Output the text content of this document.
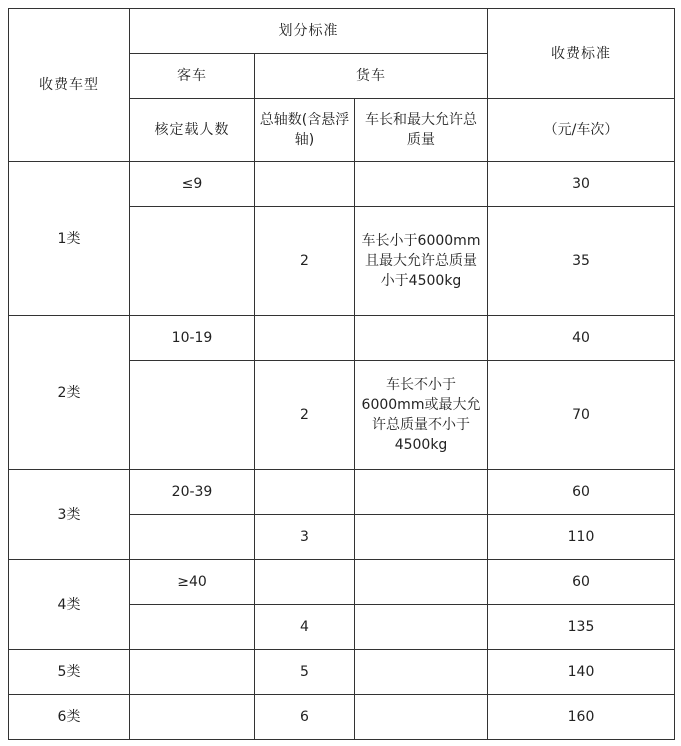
收费车型	划分标准			收费标准
	客车	货车		
	核定载人数	总轴数(含悬浮轴)	车长和最大允许总质量	（元/车次）
1类	≤9			30
		2	车长小于6000mm且最大允许总质量小于4500kg	35
2类	10-19			40
		2	车长不小于6000mm或最大允许总质量不小于4500kg	70
3类	20-39			60
		3		110
4类	≥40			60
		4		135
5类		5		140
6类		6		160
